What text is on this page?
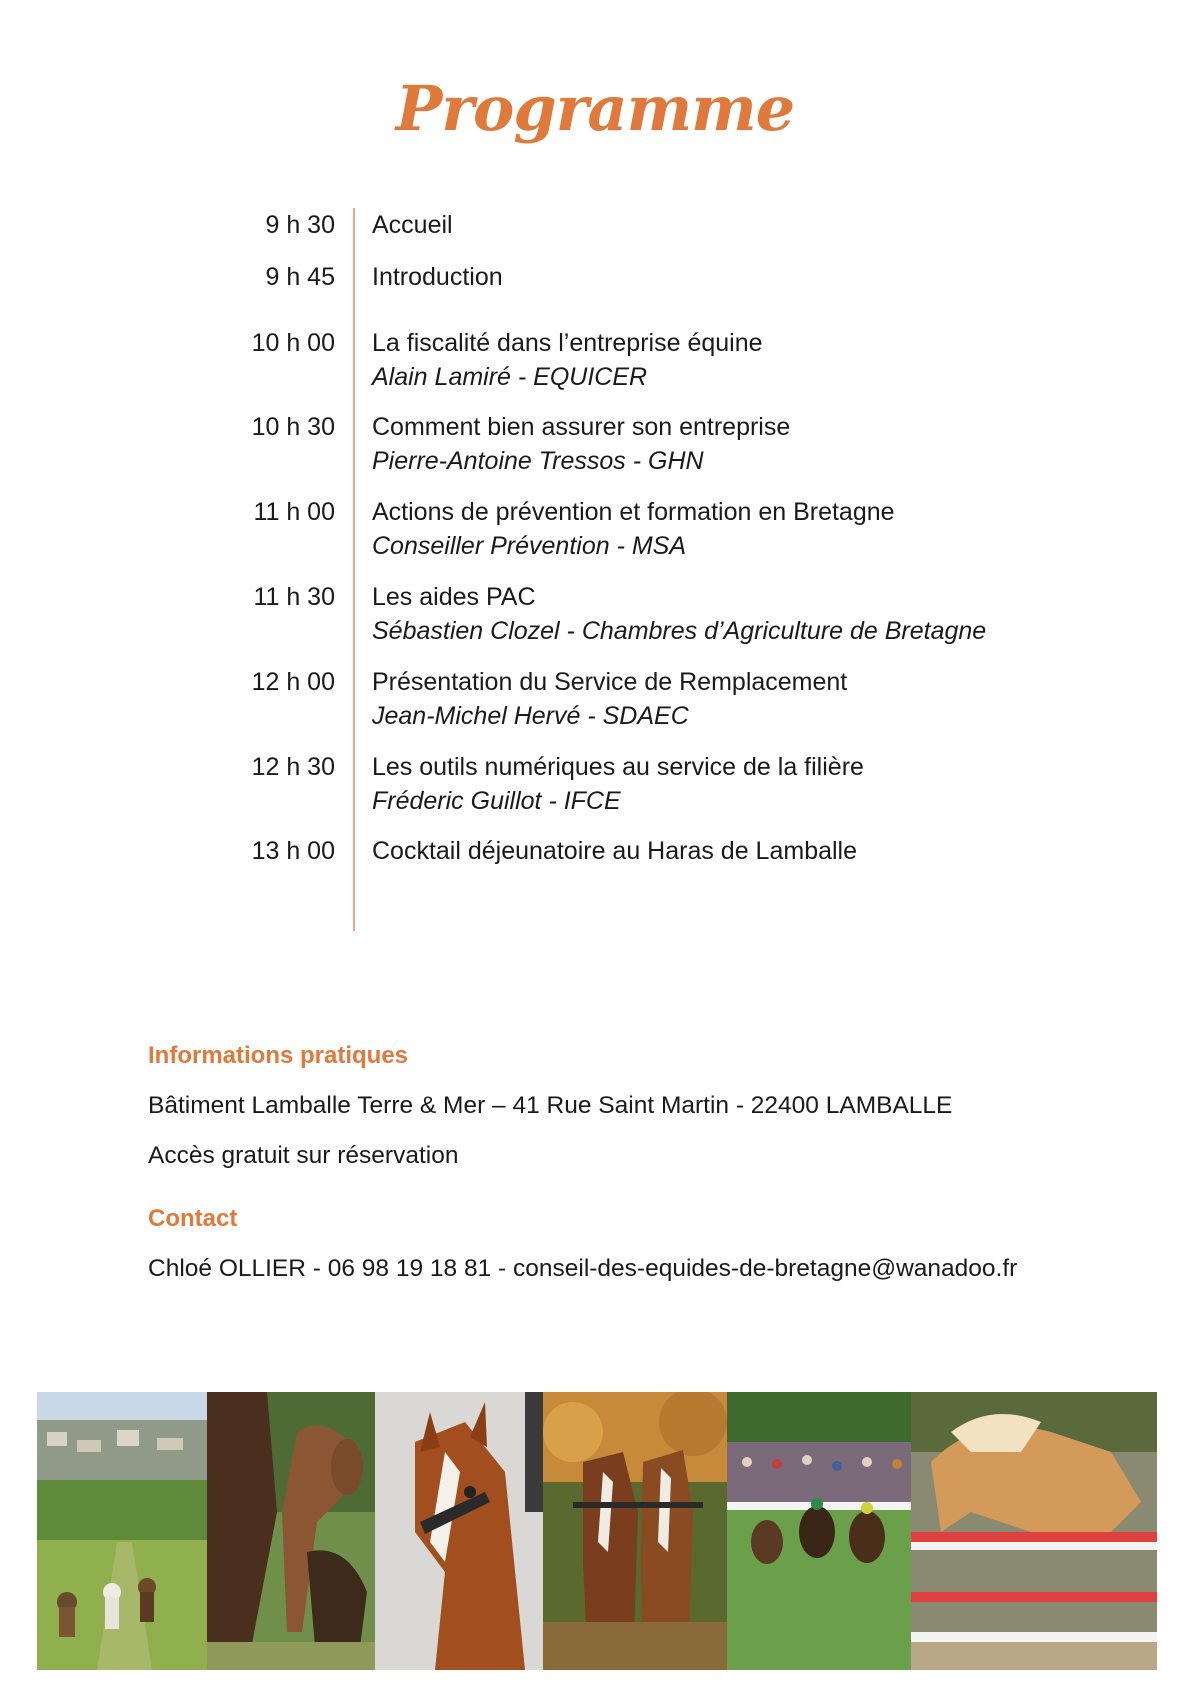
Programme
9 h 30 Accueil
9 h 45 Introduction
10 h 00 La fiscalité dans l’entreprise équine
Alain Lamiré - EQUICER
10 h 30 Comment bien assurer son entreprise
Pierre-Antoine Tressos - GHN
11 h 00 Actions de prévention et formation en Bretagne
Conseiller Prévention - MSA
11 h 30 Les aides PAC
Sébastien Clozel - Chambres d’Agriculture de Bretagne
12 h 00 Présentation du Service de Remplacement
Jean-Michel Hervé - SDAEC
12 h 30 Les outils numériques au service de la filière
Fréderic Guillot - IFCE
13 h 00 Cocktail déjeunatoire au Haras de Lamballe
Informations pratiques
Bâtiment Lamballe Terre & Mer – 41 Rue Saint Martin - 22400 LAMBALLE
Accès gratuit sur réservation
Contact
Chloé OLLIER - 06 98 19 18 81 - conseil-des-equides-de-bretagne@wanadoo.fr
